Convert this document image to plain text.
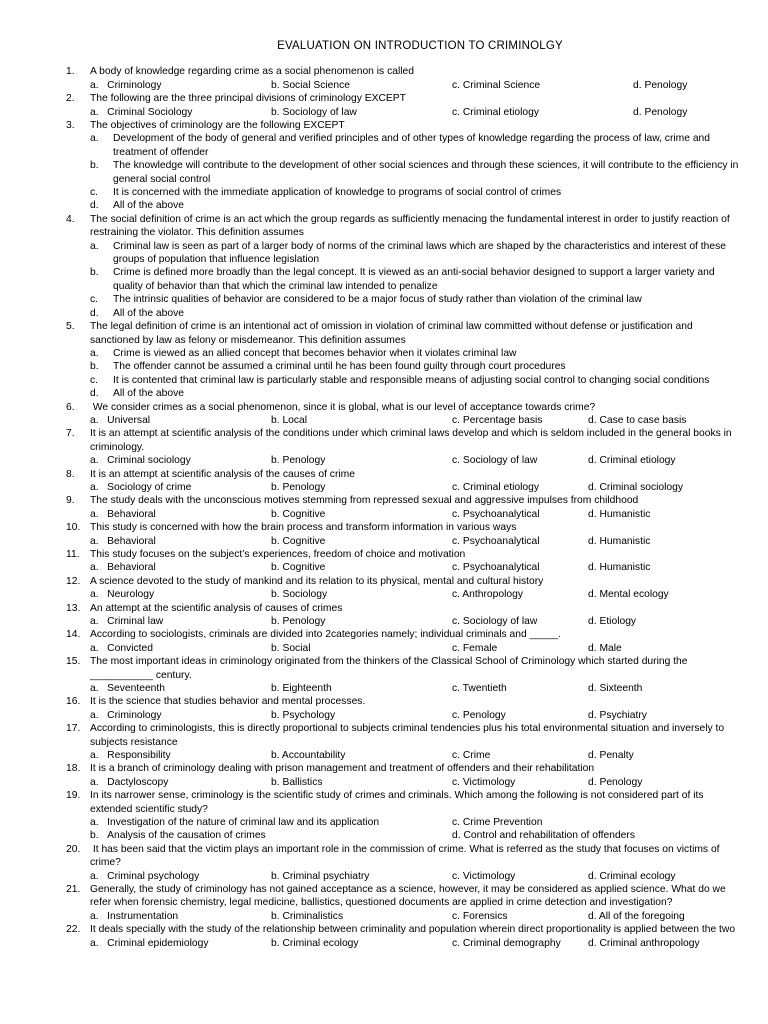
EVALUATION ON INTRODUCTION TO CRIMINOLGY
1. A body of knowledge regarding crime as a social phenomenon is called
a.   Criminology	b. Social Science	c. Criminal Science	d. Penology
2. The following are the three principal divisions of criminology EXCEPT
a.   Criminal Sociology	b. Sociology of law	c. Criminal etiology	d. Penology
3. The objectives of criminology are the following EXCEPT
a. Development of the body of general and verified principles and of other types of knowledge regarding the process of law, crime and treatment of offender
b. The knowledge will contribute to the development of other social sciences and through these sciences, it will contribute to the efficiency in general social control
c. It is concerned with the immediate application of knowledge to programs of social control of crimes
d. All of the above
4. The social definition of crime is an act which the group regards as sufficiently menacing the fundamental interest in order to justify reaction of restraining the violator. This definition assumes
a. Criminal law is seen as part of a larger body of norms of the criminal laws which are shaped by the characteristics and interest of these groups of population that influence legislation
b. Crime is defined more broadly than the legal concept. It is viewed as an anti-social behavior designed to support a larger variety and quality of behavior than that which the criminal law intended to penalize
c. The intrinsic qualities of behavior are considered to be a major focus of study rather than violation of the criminal law
d. All of the above
5. The legal definition of crime is an intentional act of omission in violation of criminal law committed without defense or justification and sanctioned by law as felony or misdemeanor. This definition assumes
a. Crime is viewed as an allied concept that becomes behavior when it violates criminal law
b. The offender cannot be assumed a criminal until he has been found guilty through court procedures
c. It is contented that criminal law is particularly stable and responsible means of adjusting social control to changing social conditions
d. All of the above
6. We consider crimes as a social phenomenon, since it is global, what is our level of acceptance towards crime?
a.   Universal	b. Local	c. Percentage basis	d. Case to case basis
7. It is an attempt at scientific analysis of the conditions under which criminal laws develop and which is seldom included in the general books in criminology.
a.   Criminal sociology	b. Penology	c. Sociology of law	d. Criminal etiology
8. It is an attempt at scientific analysis of the causes of crime
a.   Sociology of crime	b. Penology	c. Criminal etiology	d. Criminal sociology
9. The study deals with the unconscious motives stemming from repressed sexual and aggressive impulses from childhood
a.   Behavioral	b. Cognitive	c. Psychoanalytical	d. Humanistic
10. This study is concerned with how the brain process and transform information in various ways
a.   Behavioral	b. Cognitive	c. Psychoanalytical	d. Humanistic
11. This study focuses on the subject’s experiences, freedom of choice and motivation
a.   Behavioral	b. Cognitive	c. Psychoanalytical	d. Humanistic
12. A science devoted to the study of mankind and its relation to its physical, mental and cultural history
a.   Neurology	b. Sociology	c. Anthropology	d. Mental ecology
13. An attempt at the scientific analysis of causes of crimes
a.   Criminal law	b. Penology	c. Sociology of law	d. Etiology
14. According to sociologists, criminals are divided into 2categories namely; individual criminals and _____.
a.   Convicted	b. Social	c. Female	d. Male
15. The most important ideas in criminology originated from the thinkers of the Classical School of Criminology which started during the ___________ century.
a.   Seventeenth	b. Eighteenth	c. Twentieth	d. Sixteenth
16. It is the science that studies behavior and mental processes.
a.   Criminology	b. Psychology	c. Penology	d. Psychiatry
17. According to criminologists, this is directly proportional to subjects criminal tendencies plus his total environmental situation and inversely to subjects resistance
a.   Responsibility	b. Accountability	c. Crime	d. Penalty
18. It is a branch of criminology dealing with prison management and treatment of offenders and their rehabilitation
a.   Dactyloscopy	b. Ballistics	c. Victimology	d. Penology
19. In its narrower sense, criminology is the scientific study of crimes and criminals. Which among the following is not considered part of its extended scientific study?
a.   Investigation of the nature of criminal law and its application	c. Crime Prevention
b.   Analysis of the causation of crimes	d. Control and rehabilitation of offenders
20. It has been said that the victim plays an important role in the commission of crime. What is referred as the study that focuses on victims of crime?
a.   Criminal psychology	b. Criminal psychiatry	c. Victimology	d. Criminal ecology
21. Generally, the study of criminology has not gained acceptance as a science, however, it may be considered as applied science. What do we refer when forensic chemistry, legal medicine, ballistics, questioned documents are applied in crime detection and investigation?
a.   Instrumentation	b. Criminalistics	c. Forensics	d. All of the foregoing
22. It deals specially with the study of the relationship between criminality and population wherein direct proportionality is applied between the two
a.   Criminal epidemiology	b. Criminal ecology	c. Criminal demography	d. Criminal anthropology
